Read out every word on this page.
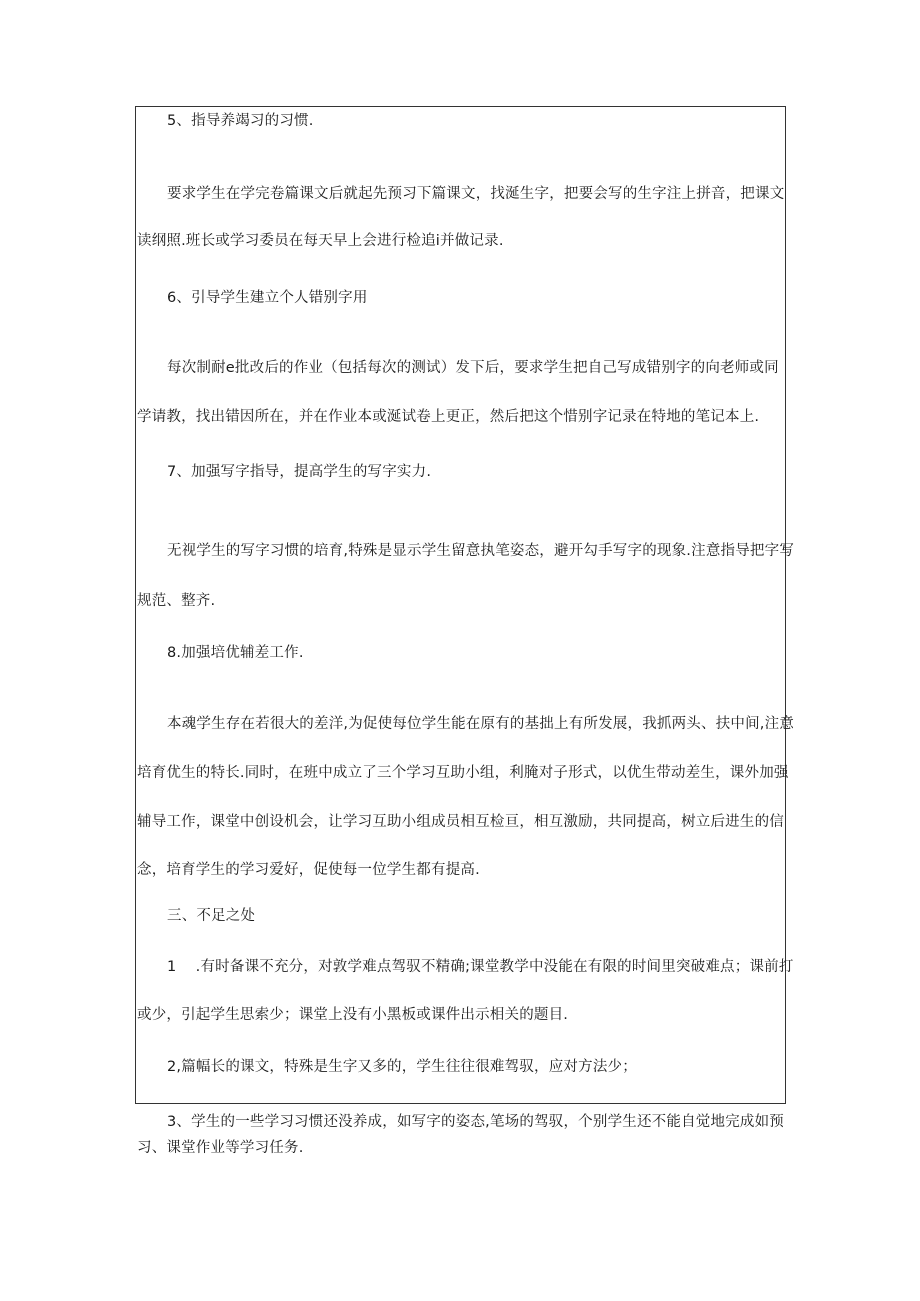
5、指导养竭习的习惯.
要求学生在学完卷篇课文后就起先预习下篇课文，找涎生字，把要会写的生字注上拼音，把课文
读纲照.班长或学习委员在每天早上会进行检追i并做记录.
6、引导学生建立个人错别字用
每次制耐e批改后的作业（包括每次的测试）发下后，要求学生把自己写成错别字的向老师或同
学请教，找出错因所在，并在作业本或涎试卷上更正，然后把这个惜别字记录在特地的笔记本上.
7、加强写字指导，提高学生的写字实力.
无视学生的写字习惯的培育,特殊是显示学生留意执笔姿态，避开勾手写字的现象.注意指导把字写
规范、整齐.
8.加强培优辅差工作.
本魂学生存在若很大的差洋,为促使每位学生能在原有的基拙上有所发展，我抓两头、扶中间,注意
培育优生的特长.同时，在班中成立了三个学习互助小组，利腌对子形式，以优生带动差生，课外加强
辅导工作，课堂中创设机会，让学习互助小组成员相互检亘，相互激励，共同提高，树立后进生的信
念，培育学生的学习爱好，促使每一位学生都有提高.
三、不足之处
1    .有时备课不充分，对敦学难点驾驭不精确;课堂教学中没能在有限的时间里突破难点；课前打
或少，引起学生思索少；课堂上没有小黑板或课件出示相关的题目.
2,篇幅长的课文，特殊是生字又多的，学生往往很难驾驭，应对方法少；
3、学生的一些学习习惯还没养成，如写字的姿态,笔场的驾驭，个别学生还不能自觉地完成如预
习、课堂作业等学习任务.
